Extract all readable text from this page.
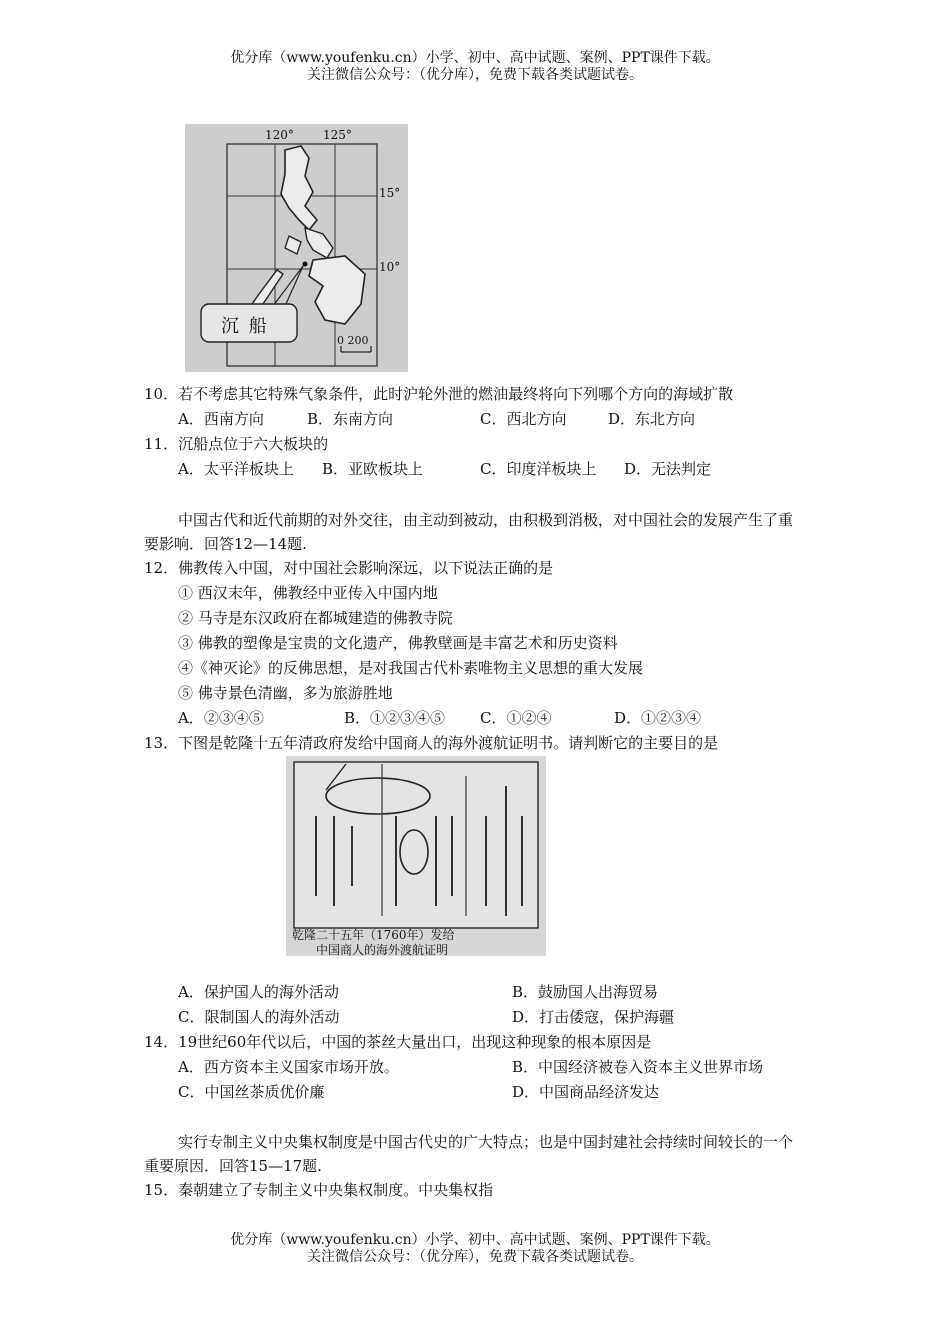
优分库（www.youfenku.cn）小学、初中、高中试题、案例、PPT课件下载。
关注微信公众号：（优分库），免费下载各类试题试卷。
120° 125°
15°
10°
沉 船
0 200
10．若不考虑其它特殊气象条件，此时沪轮外泄的燃油最终将向下列哪个方向的海域扩散
A．西南方向	B．东南方向	C．西北方向	D．东北方向
11．沉船点位于六大板块的
A．太平洋板块上 B．亚欧板块上	C．印度洋板块上 D．无法判定
中国古代和近代前期的对外交往，由主动到被动，由积极到消极，对中国社会的发展产生了重要影响．回答12—14题.
12．佛教传入中国，对中国社会影响深远，以下说法正确的是
① 西汉末年，佛教经中亚传入中国内地
② 马寺是东汉政府在都城建造的佛教寺院
③ 佛教的塑像是宝贵的文化遗产，佛教壁画是丰富艺术和历史资料
④《神灭论》的反佛思想，是对我国古代朴素唯物主义思想的重大发展
⑤ 佛寺景色清幽，多为旅游胜地
A．②③④⑤	B．①②③④⑤ C．①②④	D．①②③④
13．下图是乾隆十五年清政府发给中国商人的海外渡航证明书。请判断它的主要目的是
乾隆二十五年（1760年）发给
中国商人的海外渡航证明
A．保护国人的海外活动	B．鼓励国人出海贸易
C．限制国人的海外活动	D．打击倭寇，保护海疆
14．19世纪60年代以后，中国的茶丝大量出口，出现这种现象的根本原因是
A．西方资本主义国家市场开放。	B．中国经济被卷入资本主义世界市场
C．中国丝茶质优价廉	D．中国商品经济发达
实行专制主义中央集权制度是中国古代史的广大特点；也是中国封建社会持续时间较长的一个重要原因．回答15—17题.
15．秦朝建立了专制主义中央集权制度。中央集权指
优分库（www.youfenku.cn）小学、初中、高中试题、案例、PPT课件下载。
关注微信公众号：（优分库），免费下载各类试题试卷。
